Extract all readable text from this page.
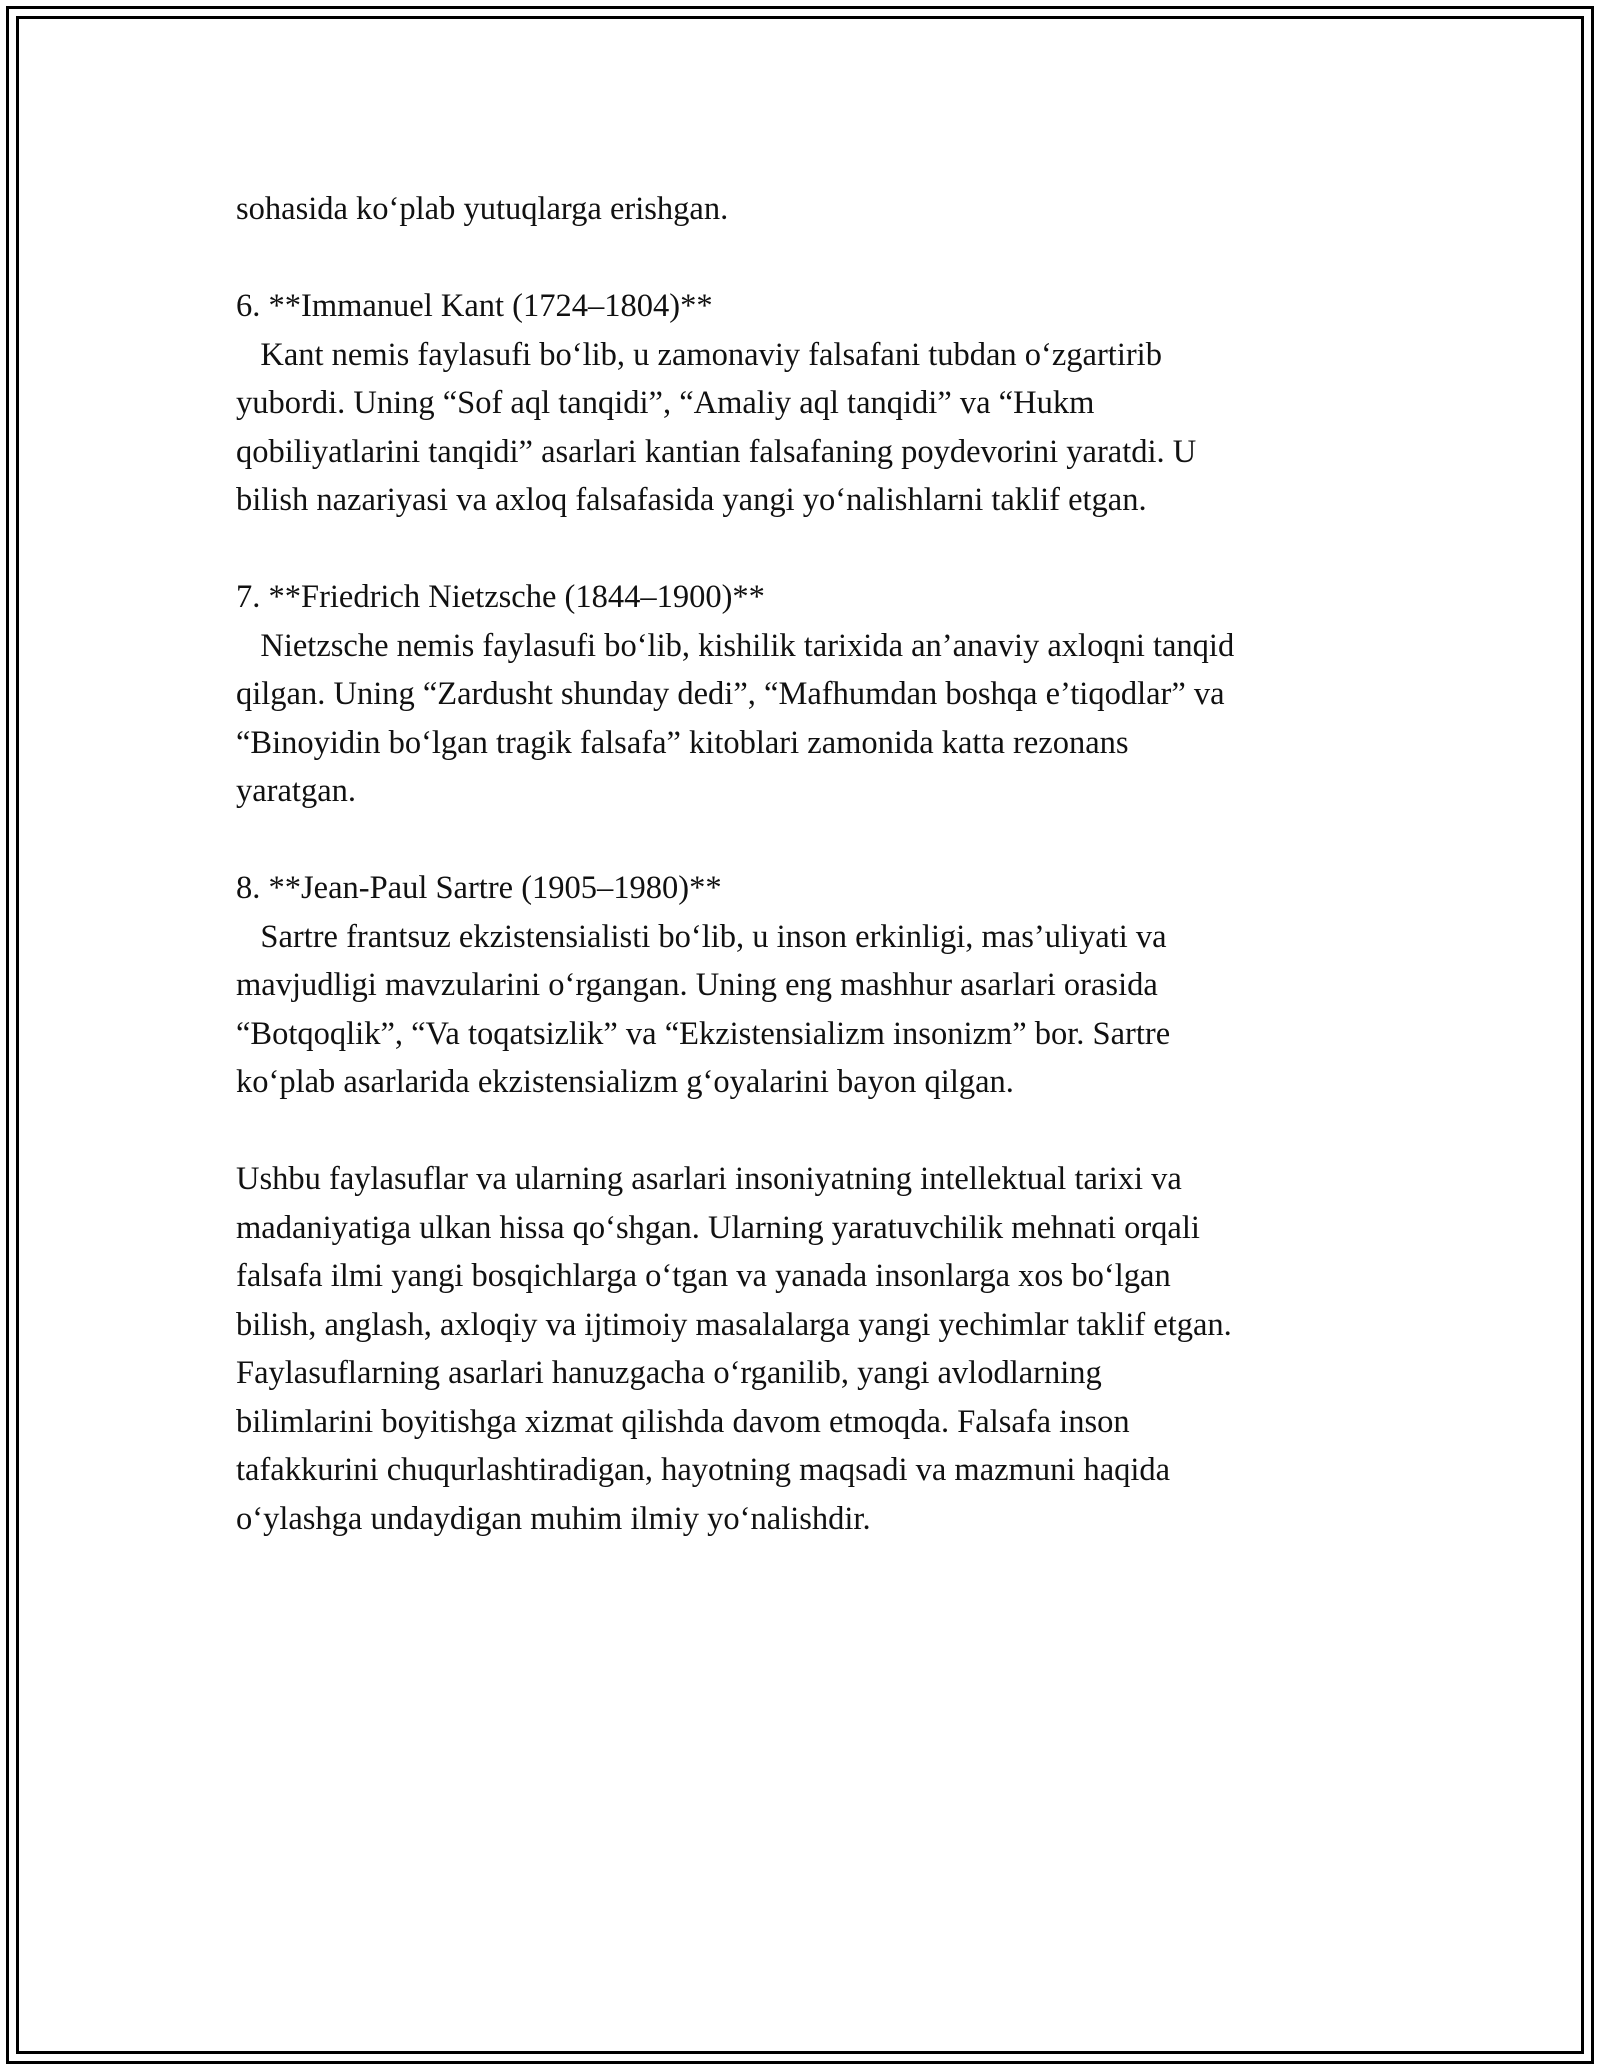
sohasida ko‘plab yutuqlarga erishgan.
6. **Immanuel Kant (1724–1804)**
Kant nemis faylasufi bo‘lib, u zamonaviy falsafani tubdan o‘zgartirib
yubordi. Uning “Sof aql tanqidi”, “Amaliy aql tanqidi” va “Hukm
qobiliyatlarini tanqidi” asarlari kantian falsafaning poydevorini yaratdi. U
bilish nazariyasi va axloq falsafasida yangi yo‘nalishlarni taklif etgan.
7. **Friedrich Nietzsche (1844–1900)**
Nietzsche nemis faylasufi bo‘lib, kishilik tarixida an’anaviy axloqni tanqid
qilgan. Uning “Zardusht shunday dedi”, “Mafhumdan boshqa e’tiqodlar” va
“Binoyidin bo‘lgan tragik falsafa” kitoblari zamonida katta rezonans
yaratgan.
8. **Jean-Paul Sartre (1905–1980)**
Sartre frantsuz ekzistensialisti bo‘lib, u inson erkinligi, mas’uliyati va
mavjudligi mavzularini o‘rgangan. Uning eng mashhur asarlari orasida
“Botqoqlik”, “Va toqatsizlik” va “Ekzistensializm insonizm” bor. Sartre
ko‘plab asarlarida ekzistensializm g‘oyalarini bayon qilgan.
Ushbu faylasuflar va ularning asarlari insoniyatning intellektual tarixi va
madaniyatiga ulkan hissa qo‘shgan. Ularning yaratuvchilik mehnati orqali
falsafa ilmi yangi bosqichlarga o‘tgan va yanada insonlarga xos bo‘lgan
bilish, anglash, axloqiy va ijtimoiy masalalarga yangi yechimlar taklif etgan.
Faylasuflarning asarlari hanuzgacha o‘rganilib, yangi avlodlarning
bilimlarini boyitishga xizmat qilishda davom etmoqda. Falsafa inson
tafakkurini chuqurlashtiradigan, hayotning maqsadi va mazmuni haqida
o‘ylashga undaydigan muhim ilmiy yo‘nalishdir.
